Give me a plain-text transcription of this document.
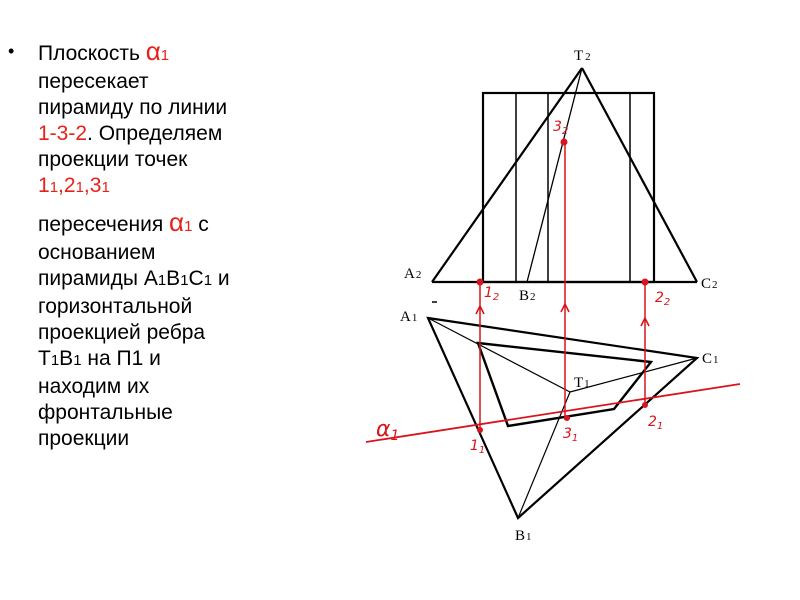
• Плоскость α1
пересекает
пирамиду по линии
1-3-2. Определяем
проекции точек
11,21,31
пересечения α1 с
основанием
пирамиды A1B1C1 и
горизонтальной
проекцией ребра
T1B1 на П1 и
находим их
фронтальные
проекции
T 2
A2
B2
C2
A1
C1
T1
B1
α1
$1_2$
$3_2$
$2_2$
$1_1$
$3_1$
$2_1$
